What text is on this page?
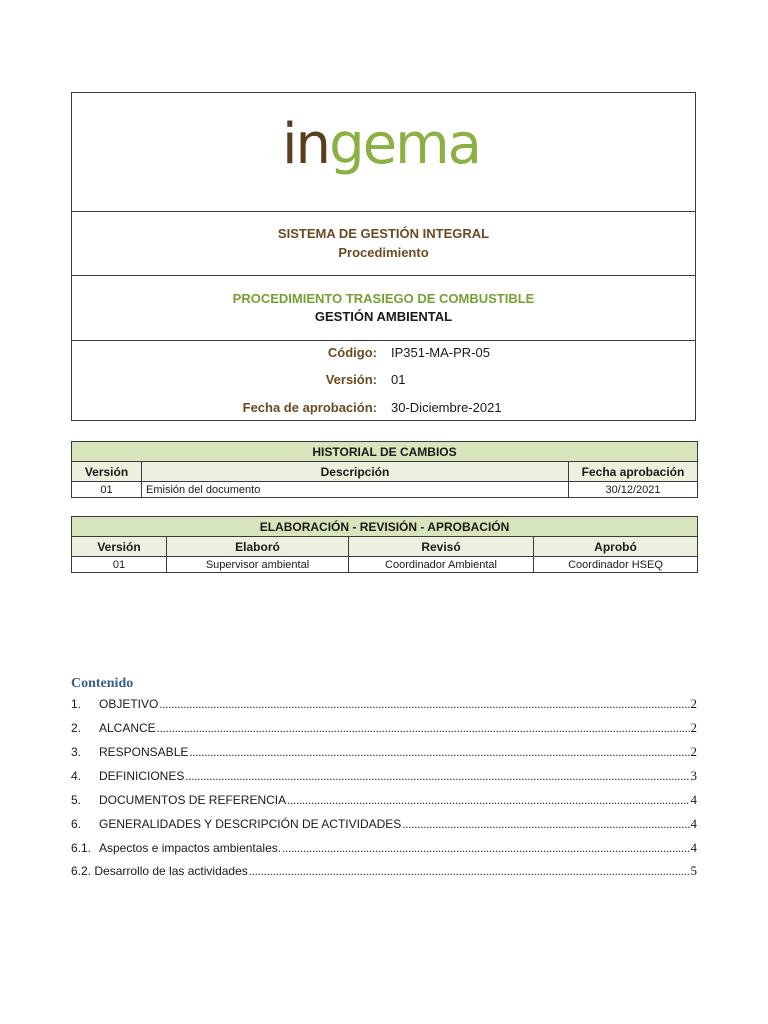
ingema
SISTEMA DE GESTIÓN INTEGRAL
Procedimiento
PROCEDIMIENTO TRASIEGO DE COMBUSTIBLE
GESTIÓN AMBIENTAL
Código: IP351-MA-PR-05
Versión: 01
Fecha de aprobación: 30-Diciembre-2021
HISTORIAL DE CAMBIOS		
Versión	Descripción	Fecha aprobación
01	Emisión del documento	30/12/2021
ELABORACIÓN - REVISIÓN - APROBACIÓN			
Versión	Elaboró	Revisó	Aprobó
01	Supervisor ambiental	Coordinador Ambiental	Coordinador HSEQ
Contenido
1.	OBJETIVO .....	2
2.	ALCANCE .....	2
3.	RESPONSABLE .....	2
4.	DEFINICIONES .....	3
5.	DOCUMENTOS DE REFERENCIA .....	4
6.	GENERALIDADES Y DESCRIPCIÓN DE ACTIVIDADES .....	4
6.1. Aspectos e impactos ambientales. .....	4
6.2. Desarrollo de las actividades .....	5
